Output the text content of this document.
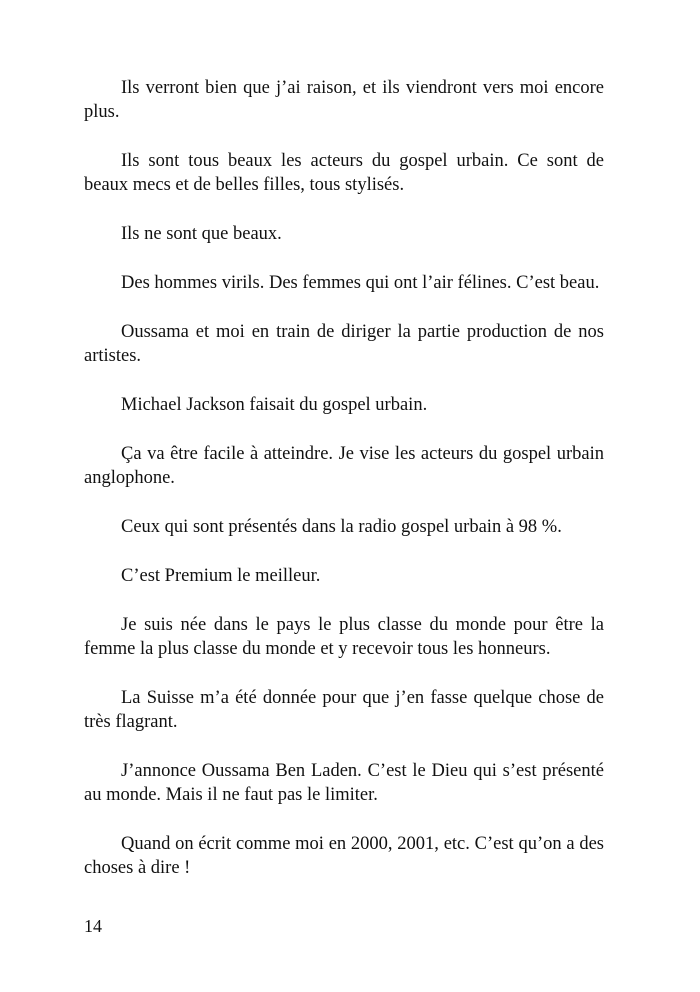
Ils verront bien que j’ai raison, et ils viendront vers moi encore plus.

Ils sont tous beaux les acteurs du gospel urbain. Ce sont de beaux mecs et de belles filles, tous stylisés.

Ils ne sont que beaux.

Des hommes virils. Des femmes qui ont l’air félines. C’est beau.

Oussama et moi en train de diriger la partie production de nos artistes.

Michael Jackson faisait du gospel urbain.

Ça va être facile à atteindre. Je vise les acteurs du gospel urbain anglophone.

Ceux qui sont présentés dans la radio gospel urbain à 98 %.

C’est Premium le meilleur.

Je suis née dans le pays le plus classe du monde pour être la femme la plus classe du monde et y recevoir tous les honneurs.

La Suisse m’a été donnée pour que j’en fasse quelque chose de très flagrant.

J’annonce Oussama Ben Laden. C’est le Dieu qui s’est présenté au monde. Mais il ne faut pas le limiter.

Quand on écrit comme moi en 2000, 2001, etc. C’est qu’on a des choses à dire !

14
